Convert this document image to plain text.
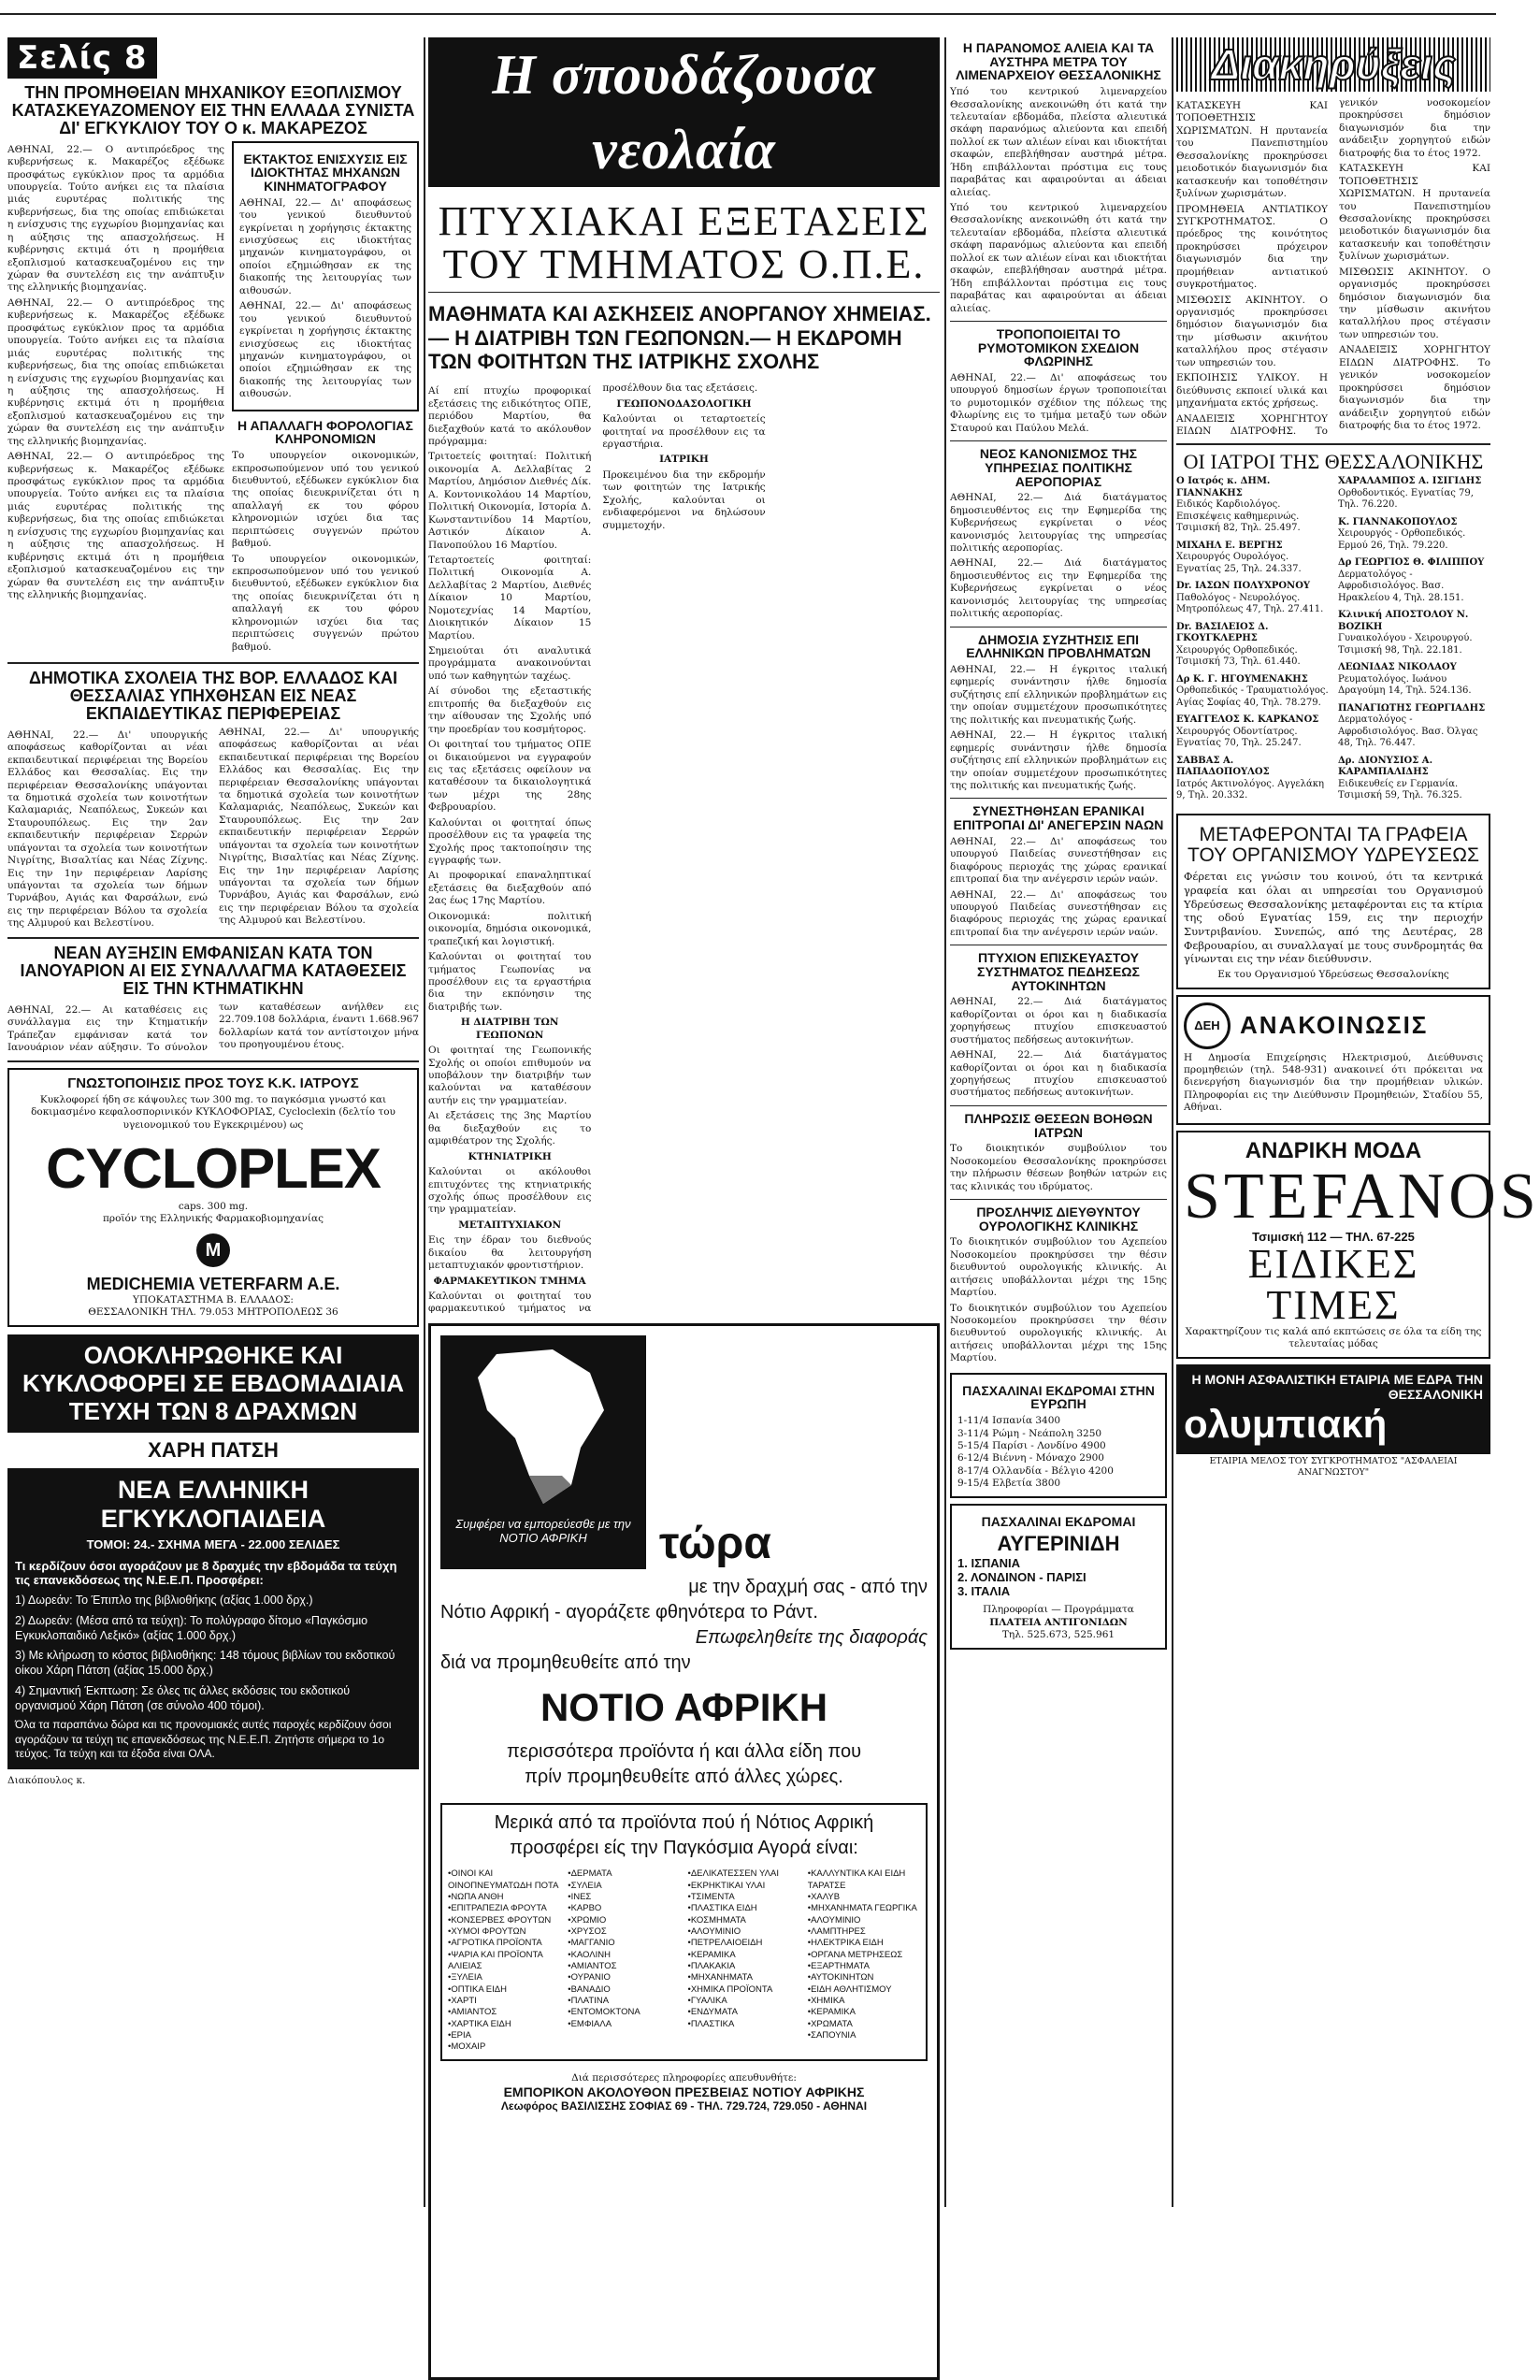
Σελίς 8
ΤΗΝ ΠΡΟΜΗΘΕΙΑΝ ΜΗΧΑΝΙΚΟΥ ΕΞΟΠΛΙΣΜΟΥ ΚΑΤΑΣΚΕΥΑΖΟΜΕΝΟΥ ΕΙΣ ΤΗΝ ΕΛΛΑΔΑ ΣΥΝΙΣΤΑ ΔΙ' ΕΓΚΥΚΛΙΟΥ ΤΟΥ Ο κ. ΜΑΚΑΡΕΖΟΣ

ΑΘΗΝΑΙ, 22.— Ο αντιπρόεδρος της κυβερνήσεως κ. Μακαρέζος εξέδωκε προσφάτως εγκύκλιον προς τα αρμόδια υπουργεία. Τούτο ανήκει εις τα πλαίσια μιάς ευρυτέρας πολιτικής της κυβερνήσεως, δια της οποίας επιδιώκεται η ενίσχυσις της εγχωρίου βιομηχανίας και η αύξησις της απασχολήσεως. Η κυβέρνησις εκτιμά ότι η προμήθεια εξοπλισμού κατασκευαζομένου εις την χώραν θα συντελέση εις την ανάπτυξιν της ελληνικής βιομηχανίας.

ΑΘΗΝΑΙ, 22.— Ο αντιπρόεδρος της κυβερνήσεως κ. Μακαρέζος εξέδωκε προσφάτως εγκύκλιον προς τα αρμόδια υπουργεία. Τούτο ανήκει εις τα πλαίσια μιάς ευρυτέρας πολιτικής της κυβερνήσεως, δια της οποίας επιδιώκεται η ενίσχυσις της εγχωρίου βιομηχανίας και η αύξησις της απασχολήσεως. Η κυβέρνησις εκτιμά ότι η προμήθεια εξοπλισμού κατασκευαζομένου εις την χώραν θα συντελέση εις την ανάπτυξιν της ελληνικής βιομηχανίας.

ΑΘΗΝΑΙ, 22.— Ο αντιπρόεδρος της κυβερνήσεως κ. Μακαρέζος εξέδωκε προσφάτως εγκύκλιον προς τα αρμόδια υπουργεία. Τούτο ανήκει εις τα πλαίσια μιάς ευρυτέρας πολιτικής της κυβερνήσεως, δια της οποίας επιδιώκεται η ενίσχυσις της εγχωρίου βιομηχανίας και η αύξησις της απασχολήσεως. Η κυβέρνησις εκτιμά ότι η προμήθεια εξοπλισμού κατασκευαζομένου εις την χώραν θα συντελέση εις την ανάπτυξιν της ελληνικής βιομηχανίας.

ΕΚΤΑΚΤΟΣ ΕΝΙΣΧΥΣΙΣ ΕΙΣ ΙΔΙΟΚΤΗΤΑΣ ΜΗΧΑΝΩΝ ΚΙΝΗΜΑΤΟΓΡΑΦΟΥ

ΑΘΗΝΑΙ, 22.— Δι' αποφάσεως του γενικού διευθυντού εγκρίνεται η χορήγησις έκτακτης ενισχύσεως εις ιδιοκτήτας μηχανών κινηματογράφου, οι οποίοι εζημιώθησαν εκ της διακοπής της λειτουργίας των αιθουσών.

ΑΘΗΝΑΙ, 22.— Δι' αποφάσεως του γενικού διευθυντού εγκρίνεται η χορήγησις έκτακτης ενισχύσεως εις ιδιοκτήτας μηχανών κινηματογράφου, οι οποίοι εζημιώθησαν εκ της διακοπής της λειτουργίας των αιθουσών.

Η ΑΠΑΛΛΑΓΗ ΦΟΡΟΛΟΓΙΑΣ ΚΛΗΡΟΝΟΜΙΩΝ

Το υπουργείον οικονομικών, εκπροσωπούμενον υπό του γενικού διευθυντού, εξέδωκεν εγκύκλιον δια της οποίας διευκρινίζεται ότι η απαλλαγή εκ του φόρου κληρονομιών ισχύει δια τας περιπτώσεις συγγενών πρώτου βαθμού.

Το υπουργείον οικονομικών, εκπροσωπούμενον υπό του γενικού διευθυντού, εξέδωκεν εγκύκλιον δια της οποίας διευκρινίζεται ότι η απαλλαγή εκ του φόρου κληρονομιών ισχύει δια τας περιπτώσεις συγγενών πρώτου βαθμού.

ΔΗΜΟΤΙΚΑ ΣΧΟΛΕΙΑ ΤΗΣ ΒΟΡ. ΕΛΛΑΔΟΣ ΚΑΙ ΘΕΣΣΑΛΙΑΣ ΥΠΗΧΘΗΣΑΝ ΕΙΣ ΝΕΑΣ ΕΚΠΑΙΔΕΥΤΙΚΑΣ ΠΕΡΙΦΕΡΕΙΑΣ

ΑΘΗΝΑΙ, 22.— Δι' υπουργικής αποφάσεως καθορίζονται αι νέαι εκπαιδευτικαί περιφέρειαι της Βορείου Ελλάδος και Θεσσαλίας. Εις την περιφέρειαν Θεσσαλονίκης υπάγονται τα δημοτικά σχολεία των κοινοτήτων Καλαμαριάς, Νεαπόλεως, Συκεών και Σταυρουπόλεως. Εις την 2αν εκπαιδευτικήν περιφέρειαν Σερρών υπάγονται τα σχολεία των κοινοτήτων Νιγρίτης, Βισαλτίας και Νέας Ζίχνης. Εις την 1ην περιφέρειαν Λαρίσης υπάγονται τα σχολεία των δήμων Τυρνάβου, Αγιάς και Φαρσάλων, ενώ εις την περιφέρειαν Βόλου τα σχολεία της Αλμυρού και Βελεστίνου.

ΑΘΗΝΑΙ, 22.— Δι' υπουργικής αποφάσεως καθορίζονται αι νέαι εκπαιδευτικαί περιφέρειαι της Βορείου Ελλάδος και Θεσσαλίας. Εις την περιφέρειαν Θεσσαλονίκης υπάγονται τα δημοτικά σχολεία των κοινοτήτων Καλαμαριάς, Νεαπόλεως, Συκεών και Σταυρουπόλεως. Εις την 2αν εκπαιδευτικήν περιφέρειαν Σερρών υπάγονται τα σχολεία των κοινοτήτων Νιγρίτης, Βισαλτίας και Νέας Ζίχνης. Εις την 1ην περιφέρειαν Λαρίσης υπάγονται τα σχολεία των δήμων Τυρνάβου, Αγιάς και Φαρσάλων, ενώ εις την περιφέρειαν Βόλου τα σχολεία της Αλμυρού και Βελεστίνου.

ΝΕΑΝ ΑΥΞΗΣΙΝ ΕΜΦΑΝΙΣΑΝ ΚΑΤΑ ΤΟΝ ΙΑΝΟΥΑΡΙΟΝ ΑΙ ΕΙΣ ΣΥΝΑΛΛΑΓΜΑ ΚΑΤΑΘΕΣΕΙΣ ΕΙΣ ΤΗΝ ΚΤΗΜΑΤΙΚΗΝ

ΑΘΗΝΑΙ, 22.— Αι καταθέσεις εις συνάλλαγμα εις την Κτηματικήν Τράπεζαν εμφάνισαν κατά τον Ιανουάριον νέαν αύξησιν. Το σύνολον των καταθέσεων ανήλθεν εις 22.709.108 δολλάρια, έναντι 1.668.967 δολλαρίων κατά τον αντίστοιχον μήνα του προηγουμένου έτους.

ΓΝΩΣΤΟΠΟΙΗΣΙΣ ΠΡΟΣ ΤΟΥΣ Κ.Κ. ΙΑΤΡΟΥΣ

Κυκλοφορεί ήδη σε κάψουλες των 300 mg. το παγκόσμια γνωστό και δοκιμασμένο κεφαλοσπορινικόν ΚΥΚΛΟΦΟΡΙΑΣ, Cycloclexin (δελτίο του υγειονομικού του Εγκεκριμένου) ως

CYCLOPLEX
caps. 300 mg.
προϊόν της Ελληνικής Φαρμακοβιομηχανίας
M
MEDICHEMIA VETERFARM A.E.
ΥΠΟΚΑΤΑΣΤΗΜΑ Β. ΕΛΛΑΔΟΣ:
ΘΕΣΣΑΛΟΝΙΚΗ ΤΗΛ. 79.053 ΜΗΤΡΟΠΟΛΕΩΣ 36
ΟΛΟΚΛΗΡΩΘΗΚΕ ΚΑΙ ΚΥΚΛΟΦΟΡΕΙ ΣΕ ΕΒΔΟΜΑΔΙΑΙΑ ΤΕΥΧΗ ΤΩΝ 8 ΔΡΑΧΜΩΝ
ΧΑΡΗ ΠΑΤΣΗ
ΝΕΑ ΕΛΛΗΝΙΚΗ ΕΓΚΥΚΛΟΠΑΙΔΕΙΑ
ΤΟΜΟΙ: 24.- ΣΧΗΜΑ ΜΕΓΑ - 22.000 ΣΕΛΙΔΕΣ
Τι κερδίζουν όσοι αγοράζουν με 8 δραχμές την εβδομάδα τα τεύχη τις επανεκδόσεως της Ν.Ε.Ε.Π. Προσφέρει:
1) Δωρεάν: Το Έπιπλο της βιβλιοθήκης (αξίας 1.000 δρχ.)
2) Δωρεάν: (Μέσα από τα τεύχη): Το πολύγραφο δίτομο «Παγκόσμιο Εγκυκλοπαιδικό Λεξικό» (αξίας 1.000 δρχ.)
3) Με κλήρωση το κόστος βιβλιοθήκης: 148 τόμους βιβλίων του εκδοτικού οίκου Χάρη Πάτση (αξίας 15.000 δρχ.)
4) Σημαντική Έκπτωση: Σε όλες τις άλλες εκδόσεις του εκδοτικού οργανισμού Χάρη Πάτση (σε σύνολο 400 τόμοι).
Όλα τα παραπάνω δώρα και τις προνομιακές αυτές παροχές κερδίζουν όσοι αγοράζουν τα τεύχη τις επανεκδόσεως της Ν.Ε.Ε.Π. Ζητήστε σήμερα το 1ο τεύχος. Τα τεύχη και τα έξοδα είναι ΟΛΑ.
Διακόπουλος κ.
Η σπουδάζουσα νεολαία
ΠΤΥΧΙΑΚΑΙ ΕΞΕΤΑΣΕΙΣ ΤΟΥ ΤΜΗΜΑΤΟΣ Ο.Π.Ε.
ΜΑΘΗΜΑΤΑ ΚΑΙ ΑΣΚΗΣΕΙΣ ΑΝΟΡΓΑΝΟΥ ΧΗΜΕΙΑΣ.— Η ΔΙΑΤΡΙΒΗ ΤΩΝ ΓΕΩΠΟΝΩΝ.— Η ΕΚΔΡΟΜΗ ΤΩΝ ΦΟΙΤΗΤΩΝ ΤΗΣ ΙΑΤΡΙΚΗΣ ΣΧΟΛΗΣ

Αί επί πτυχίω προφορικαί εξετάσεις της ειδικότητος ΟΠΕ, περιόδου Μαρτίου, θα διεξαχθούν κατά το ακόλουθον πρόγραμμα:

Τριτοετείς φοιτηταί: Πολιτική οικονομία Α. Δελλαβίτας 2 Μαρτίου, Δημόσιον Διεθνές Δίκ. Α. Κοντονικολάου 14 Μαρτίου, Πολιτική Οικονομία, Ιστορία Δ. Κωνσταντινίδου 14 Μαρτίου, Αστικόν Δίκαιον Α. Πανοπούλου 16 Μαρτίου.

Τεταρτοετείς φοιτηταί: Πολιτική Οικονομία Α. Δελλαβίτας 2 Μαρτίου, Διεθνές Δίκαιον 10 Μαρτίου, Νομοτεχνίας 14 Μαρτίου, Διοικητικόν Δίκαιον 15 Μαρτίου.

Σημειούται ότι αναλυτικά προγράμματα ανακοινούνται υπό των καθηγητών ταχέως.

Αί σύνοδοι της εξεταστικής επιτροπής θα διεξαχθούν εις την αίθουσαν της Σχολής υπό την προεδρίαν του κοσμήτορος.

Οι φοιτηταί του τμήματος ΟΠΕ οι δικαιούμενοι να εγγραφούν εις τας εξετάσεις οφείλουν να καταθέσουν τα δικαιολογητικά των μέχρι της 28ης Φεβρουαρίου.

Καλούνται οι φοιτηταί όπως προσέλθουν εις τα γραφεία της Σχολής προς τακτοποίησιν της εγγραφής των.

Αι προφορικαί επαναληπτικαί εξετάσεις θα διεξαχθούν από 2ας έως 17ης Μαρτίου.

Οικονομικά: πολιτική οικονομία, δημόσια οικονομικά, τραπεζική και λογιστική.

Καλούνται οι φοιτηταί του τμήματος Γεωπονίας να προσέλθουν εις τα εργαστήρια δια την εκπόνησιν της διατριβής των.

Η ΔΙΑΤΡΙΒΗ ΤΩΝ ΓΕΩΠΟΝΩΝ

Οι φοιτηταί της Γεωπονικής Σχολής οι οποίοι επιθυμούν να υποβάλουν την διατριβήν των καλούνται να καταθέσουν αυτήν εις την γραμματείαν.

Αι εξετάσεις της 3ης Μαρτίου θα διεξαχθούν εις το αμφιθέατρον της Σχολής.

ΚΤΗΝΙΑΤΡΙΚΗ

Καλούνται οι ακόλουθοι επιτυχόντες της κτηνιατρικής σχολής όπως προσέλθουν εις την γραμματείαν.

ΜΕΤΑΠΤΥΧΙΑΚΟΝ

Εις την έδραν του διεθνούς δικαίου θα λειτουργήση μεταπτυχιακόν φροντιστήριον.

ΦΑΡΜΑΚΕΥΤΙΚΟΝ ΤΜΗΜΑ

Καλούνται οι φοιτηταί του φαρμακευτικού τμήματος να προσέλθουν δια τας εξετάσεις.

ΓΕΩΠΟΝΟΔΑΣΟΛΟΓΙΚΗ

Καλούνται οι τεταρτοετείς φοιτηταί να προσέλθουν εις τα εργαστήρια.

ΙΑΤΡΙΚΗ

Προκειμένου δια την εκδρομήν των φοιτητών της Ιατρικής Σχολής, καλούνται οι ενδιαφερόμενοι να δηλώσουν συμμετοχήν.

Συμφέρει να εμπορεύεσθε με την ΝΟΤΙΟ ΑΦΡΙΚΗ	τώρα
με την δραχμή σας - από την
Νότιο Αφρική - αγοράζετε φθηνότερα το Ράντ.
Επωφεληθείτε της διαφοράς
διά να προμηθευθείτε από την
ΝΟΤΙΟ ΑΦΡΙΚΗ
περισσότερα προϊόντα ή και άλλα είδη που
πρίν προμηθευθείτε από άλλες χώρες.
Μερικά από τα προϊόντα πού ή Νότιος Αφρική προσφέρει είς την Παγκόσμια Αγορά είναι:
•ΟΙΝΟΙ ΚΑΙ ΟΙΝΟΠΝΕΥΜΑΤΩΔΗ ΠΟΤΑ
•ΝΩΠΑ ΑΝΘΗ
•ΕΠΙΤΡΑΠΕΖΙΑ ΦΡΟΥΤΑ
•ΚΟΝΣΕΡΒΕΣ ΦΡΟΥΤΩΝ
•ΧΥΜΟΙ ΦΡΟΥΤΩΝ
•ΑΓΡΟΤΙΚΑ ΠΡΟΪΟΝΤΑ
•ΨΑΡΙΑ ΚΑΙ ΠΡΟΪΟΝΤΑ ΑΛΙΕΙΑΣ
•ΞΥΛΕΙΑ
•ΟΠΤΙΚΑ ΕΙΔΗ
•ΧΑΡΤΙ
•ΑΜΙΑΝΤΟΣ
•ΧΑΡΤΙΚΑ ΕΙΔΗ
•ΕΡΙΑ
•ΜΟΧΑΙΡ
•ΔΕΡΜΑΤΑ
•ΣΥΛΕΙΑ
•ΙΝΕΣ
•ΚΑΡΒΟ
•ΧΡΩΜΙΟ
•ΧΡΥΣΟΣ
•ΜΑΓΓΑΝΙΟ
•ΚΑΟΛΙΝΗ
•ΑΜΙΑΝΤΟΣ
•ΟΥΡΑΝΙΟ
•ΒΑΝΑΔΙΟ
•ΠΛΑΤΙΝΑ
•ΕΝΤΟΜΟΚΤΟΝΑ
•ΕΜΦΙΑΛΑ
•ΔΕΛΙΚΑΤΕΣΣΕΝ ΥΛΑΙ
•ΕΚΡΗΚΤΙΚΑΙ ΥΛΑΙ
•ΤΣΙΜΕΝΤΑ
•ΠΛΑΣΤΙΚΑ ΕΙΔΗ
•ΚΟΣΜΗΜΑΤΑ
•ΑΛΟΥΜΙΝΙΟ
•ΠΕΤΡΕΛΑΙΟΕΙΔΗ
•ΚΕΡΑΜΙΚΑ
•ΠΛΑΚΑΚΙΑ
•ΜΗΧΑΝΗΜΑΤΑ
•ΧΗΜΙΚΑ ΠΡΟΪΟΝΤΑ
•ΓΥΑΛΙΚΑ
•ΕΝΔΥΜΑΤΑ
•ΠΛΑΣΤΙΚΑ
•ΚΑΛΛΥΝΤΙΚΑ ΚΑΙ ΕΙΔΗ ΤΑΡΑΤΣΕ
•ΧΑΛΥΒ
•ΜΗΧΑΝΗΜΑΤΑ ΓΕΩΡΓΙΚΑ
•ΑΛΟΥΜΙΝΙΟ
•ΛΑΜΠΤΗΡΕΣ
•ΗΛΕΚΤΡΙΚΑ ΕΙΔΗ
•ΟΡΓΑΝΑ ΜΕΤΡΗΣΕΩΣ
•ΕΞΑΡΤΗΜΑΤΑ
•ΑΥΤΟΚΙΝΗΤΩΝ
•ΕΙΔΗ ΑΘΛΗΤΙΣΜΟΥ
•ΧΗΜΙΚΑ
•ΚΕΡΑΜΙΚΑ
•ΧΡΩΜΑΤΑ
•ΣΑΠΟΥΝΙΑ
Διά περισσότερες πληροφορίες απευθυνθήτε:
ΕΜΠΟΡΙΚΟΝ ΑΚΟΛΟΥΘΟΝ ΠΡΕΣΒΕΙΑΣ ΝΟΤΙΟΥ ΑΦΡΙΚΗΣ
Λεωφόρος ΒΑΣΙΛΙΣΣΗΣ ΣΟΦΙΑΣ 69 - ΤΗΛ. 729.724, 729.050 - ΑΘΗΝΑΙ
Η ΠΑΡΑΝΟΜΟΣ ΑΛΙΕΙΑ ΚΑΙ ΤΑ ΑΥΣΤΗΡΑ ΜΕΤΡΑ ΤΟΥ ΛΙΜΕΝΑΡΧΕΙΟΥ ΘΕΣΣΑΛΟΝΙΚΗΣ

Υπό του κεντρικού λιμεναρχείου Θεσσαλονίκης ανεκοινώθη ότι κατά την τελευταίαν εβδομάδα, πλείστα αλιευτικά σκάφη παρανόμως αλιεύοντα και επειδή πολλοί εκ των αλιέων είναι και ιδιοκτήται σκαφών, επεβλήθησαν αυστηρά μέτρα. Ήδη επιβάλλονται πρόστιμα εις τους παραβάτας και αφαιρούνται αι άδειαι αλιείας.

Υπό του κεντρικού λιμεναρχείου Θεσσαλονίκης ανεκοινώθη ότι κατά την τελευταίαν εβδομάδα, πλείστα αλιευτικά σκάφη παρανόμως αλιεύοντα και επειδή πολλοί εκ των αλιέων είναι και ιδιοκτήται σκαφών, επεβλήθησαν αυστηρά μέτρα. Ήδη επιβάλλονται πρόστιμα εις τους παραβάτας και αφαιρούνται αι άδειαι αλιείας.

ΤΡΟΠΟΠΟΙΕΙΤΑΙ ΤΟ ΡΥΜΟΤΟΜΙΚΟΝ ΣΧΕΔΙΟΝ ΦΛΩΡΙΝΗΣ

ΑΘΗΝΑΙ, 22.— Δι' αποφάσεως του υπουργού δημοσίων έργων τροποποιείται το ρυμοτομικόν σχέδιον της πόλεως της Φλωρίνης εις το τμήμα μεταξύ των οδών Σταυρού και Παύλου Μελά.

ΝΕΟΣ ΚΑΝΟΝΙΣΜΟΣ ΤΗΣ ΥΠΗΡΕΣΙΑΣ ΠΟΛΙΤΙΚΗΣ ΑΕΡΟΠΟΡΙΑΣ

ΑΘΗΝΑΙ, 22.— Διά διατάγματος δημοσιευθέντος εις την Εφημερίδα της Κυβερνήσεως εγκρίνεται ο νέος κανονισμός λειτουργίας της υπηρεσίας πολιτικής αεροπορίας.

ΑΘΗΝΑΙ, 22.— Διά διατάγματος δημοσιευθέντος εις την Εφημερίδα της Κυβερνήσεως εγκρίνεται ο νέος κανονισμός λειτουργίας της υπηρεσίας πολιτικής αεροπορίας.

ΔΗΜΟΣΙΑ ΣΥΖΗΤΗΣΙΣ ΕΠΙ ΕΛΛΗΝΙΚΩΝ ΠΡΟΒΛΗΜΑΤΩΝ

ΑΘΗΝΑΙ, 22.— Η έγκριτος ιταλική εφημερίς συνάντησιν ήλθε δημοσία συζήτησις επί ελληνικών προβλημάτων εις την οποίαν συμμετέχουν προσωπικότητες της πολιτικής και πνευματικής ζωής.

ΑΘΗΝΑΙ, 22.— Η έγκριτος ιταλική εφημερίς συνάντησιν ήλθε δημοσία συζήτησις επί ελληνικών προβλημάτων εις την οποίαν συμμετέχουν προσωπικότητες της πολιτικής και πνευματικής ζωής.

ΣΥΝΕΣΤΗΘΗΣΑΝ ΕΡΑΝΙΚΑΙ ΕΠΙΤΡΟΠΑΙ ΔΙ' ΑΝΕΓΕΡΣΙΝ ΝΑΩΝ

ΑΘΗΝΑΙ, 22.— Δι' αποφάσεως του υπουργού Παιδείας συνεστήθησαν εις διαφόρους περιοχάς της χώρας ερανικαί επιτροπαί δια την ανέγερσιν ιερών ναών.

ΑΘΗΝΑΙ, 22.— Δι' αποφάσεως του υπουργού Παιδείας συνεστήθησαν εις διαφόρους περιοχάς της χώρας ερανικαί επιτροπαί δια την ανέγερσιν ιερών ναών.

ΠΤΥΧΙΟΝ ΕΠΙΣΚΕΥΑΣΤΟΥ ΣΥΣΤΗΜΑΤΟΣ ΠΕΔΗΣΕΩΣ ΑΥΤΟΚΙΝΗΤΩΝ

ΑΘΗΝΑΙ, 22.— Διά διατάγματος καθορίζονται οι όροι και η διαδικασία χορηγήσεως πτυχίου επισκευαστού συστήματος πεδήσεως αυτοκινήτων.

ΑΘΗΝΑΙ, 22.— Διά διατάγματος καθορίζονται οι όροι και η διαδικασία χορηγήσεως πτυχίου επισκευαστού συστήματος πεδήσεως αυτοκινήτων.

ΠΛΗΡΩΣΙΣ ΘΕΣΕΩΝ ΒΟΗΘΩΝ ΙΑΤΡΩΝ

Το διοικητικόν συμβούλιον του Νοσοκομείου Θεσσαλονίκης προκηρύσσει την πλήρωσιν θέσεων βοηθών ιατρών εις τας κλινικάς του ιδρύματος.

ΠΡΟΣΛΗΨΙΣ ΔΙΕΥΘΥΝΤΟΥ ΟΥΡΟΛΟΓΙΚΗΣ ΚΛΙΝΙΚΗΣ

Το διοικητικόν συμβούλιον του Αχεπείου Νοσοκομείου προκηρύσσει την θέσιν διευθυντού ουρολογικής κλινικής. Αι αιτήσεις υποβάλλονται μέχρι της 15ης Μαρτίου.

Το διοικητικόν συμβούλιον του Αχεπείου Νοσοκομείου προκηρύσσει την θέσιν διευθυντού ουρολογικής κλινικής. Αι αιτήσεις υποβάλλονται μέχρι της 15ης Μαρτίου.

ΠΑΣΧΑΛΙΝΑΙ ΕΚΔΡΟΜΑΙ ΣΤΗΝ ΕΥΡΩΠΗ
1-11/4 Ισπανία 3400
3-11/4 Ρώμη - Νεάπολη 3250
5-15/4 Παρίσι - Λονδίνο 4900
6-12/4 Βιέννη - Μόναχο 2900
8-17/4 Ολλανδία - Βέλγιο 4200
9-15/4 Ελβετία 3800
ΠΑΣΧΑΛΙΝΑΙ ΕΚΔΡΟΜΑΙ
ΑΥΓΕΡΙΝΙΔΗ
1. ΙΣΠΑΝΙΑ
2. ΛΟΝΔΙΝΟΝ - ΠΑΡΙΣΙ
3. ΙΤΑΛΙΑ
Πληροφορίαι — Προγράμματα
ΠΛΑΤΕΙΑ ΑΝΤΙΓΟΝΙΔΩΝ
Τηλ. 525.673, 525.961
Διακηρύξεις

ΚΑΤΑΣΚΕΥΗ ΚΑΙ ΤΟΠΟΘΕΤΗΣΙΣ ΧΩΡΙΣΜΑΤΩΝ. Η πρυτανεία του Πανεπιστημίου Θεσσαλονίκης προκηρύσσει μειοδοτικόν διαγωνισμόν δια κατασκευήν και τοποθέτησιν ξυλίνων χωρισμάτων.

ΠΡΟΜΗΘΕΙΑ ΑΝΤΙΑΤΙΚΟΥ ΣΥΓΚΡΟΤΗΜΑΤΟΣ. Ο πρόεδρος της κοινότητος προκηρύσσει πρόχειρον διαγωνισμόν δια την προμήθειαν αντιατικού συγκροτήματος.

ΜΙΣΘΩΣΙΣ ΑΚΙΝΗΤΟΥ. Ο οργανισμός προκηρύσσει δημόσιον διαγωνισμόν δια την μίσθωσιν ακινήτου καταλλήλου προς στέγασιν των υπηρεσιών του.

ΕΚΠΟΙΗΣΙΣ ΥΛΙΚΟΥ. Η διεύθυνσις εκποιεί υλικά και μηχανήματα εκτός χρήσεως.

ΑΝΑΔΕΙΞΙΣ ΧΟΡΗΓΗΤΟΥ ΕΙΔΩΝ ΔΙΑΤΡΟΦΗΣ. Το γενικόν νοσοκομείον προκηρύσσει δημόσιον διαγωνισμόν δια την ανάδειξιν χορηγητού ειδών διατροφής δια το έτος 1972.

ΚΑΤΑΣΚΕΥΗ ΚΑΙ ΤΟΠΟΘΕΤΗΣΙΣ ΧΩΡΙΣΜΑΤΩΝ. Η πρυτανεία του Πανεπιστημίου Θεσσαλονίκης προκηρύσσει μειοδοτικόν διαγωνισμόν δια κατασκευήν και τοποθέτησιν ξυλίνων χωρισμάτων.

ΜΙΣΘΩΣΙΣ ΑΚΙΝΗΤΟΥ. Ο οργανισμός προκηρύσσει δημόσιον διαγωνισμόν δια την μίσθωσιν ακινήτου καταλλήλου προς στέγασιν των υπηρεσιών του.

ΑΝΑΔΕΙΞΙΣ ΧΟΡΗΓΗΤΟΥ ΕΙΔΩΝ ΔΙΑΤΡΟΦΗΣ. Το γενικόν νοσοκομείον προκηρύσσει δημόσιον διαγωνισμόν δια την ανάδειξιν χορηγητού ειδών διατροφής δια το έτος 1972.

ΟΙ ΙΑΤΡΟΙ ΤΗΣ ΘΕΣΣΑΛΟΝΙΚΗΣ
Ο Ιατρός κ. ΔΗΜ. ΓΙΑΝΝΑΚΗΣ
Ειδικός Καρδιολόγος. Επισκέψεις καθημερινώς. Τσιμισκή 82, Τηλ. 25.497.
ΜΙΧΑΗΛ Ε. ΒΕΡΓΗΣ
Χειρουργός Ουρολόγος. Εγνατίας 25, Τηλ. 24.337.
Dr. ΙΑΣΩΝ ΠΟΛΥΧΡΟΝΟΥ
Παθολόγος - Νευρολόγος. Μητροπόλεως 47, Τηλ. 27.411.
Dr. ΒΑΣΙΛΕΙΟΣ Δ. ΓΚΟΥΓΚΛΕΡΗΣ
Χειρουργός Ορθοπεδικός. Τσιμισκή 73, Τηλ. 61.440.
Δρ Κ. Γ. ΗΓΟΥΜΕΝΑΚΗΣ
Ορθοπεδικός - Τραυματιολόγος. Αγίας Σοφίας 40, Τηλ. 78.279.
ΕΥΑΓΓΕΛΟΣ Κ. ΚΑΡΚΑΝΟΣ
Χειρουργός Οδοντίατρος. Εγνατίας 70, Τηλ. 25.247.
ΣΑΒΒΑΣ Α. ΠΑΠΑΔΟΠΟΥΛΟΣ
Ιατρός Ακτινολόγος. Αγγελάκη 9, Τηλ. 20.332.
ΧΑΡΑΛΑΜΠΟΣ Α. ΙΣΙΓΙΔΗΣ
Ορθοδοντικός. Εγνατίας 79, Τηλ. 76.220.
Κ. ΓΙΑΝΝΑΚΟΠΟΥΛΟΣ
Χειρουργός - Ορθοπεδικός. Ερμού 26, Τηλ. 79.220.
Δρ ΓΕΩΡΓΙΟΣ Θ. ΦΙΛΙΠΠΟΥ
Δερματολόγος - Αφροδισιολόγος. Βασ. Ηρακλείου 4, Τηλ. 28.151.
Κλινική ΑΠΟΣΤΟΛΟΥ Ν. ΒΟΖΙΚΗ
Γυναικολόγου - Χειρουργού. Τσιμισκή 98, Τηλ. 22.181.
ΛΕΩΝΙΔΑΣ ΝΙΚΟΛΑΟΥ
Ρευματολόγος. Ιωάνου Δραγούμη 14, Τηλ. 524.136.
ΠΑΝΑΓΙΩΤΗΣ ΓΕΩΡΓΙΑΔΗΣ
Δερματολόγος - Αφροδισιολόγος. Βασ. Όλγας 48, Τηλ. 76.447.
Δρ. ΔΙΟΝΥΣΙΟΣ Α. ΚΑΡΑΜΠΑΛΙΔΗΣ
Ειδικευθείς εν Γερμανία. Τσιμισκή 59, Τηλ. 76.325.
ΜΕΤΑΦΕΡΟΝΤΑΙ ΤΑ ΓΡΑΦΕΙΑ ΤΟΥ ΟΡΓΑΝΙΣΜΟΥ ΥΔΡΕΥΣΕΩΣ

Φέρεται εις γνώσιν του κοινού, ότι τα κεντρικά γραφεία και όλαι αι υπηρεσίαι του Οργανισμού Υδρεύσεως Θεσσαλονίκης μεταφέρονται εις τα κτίρια της οδού Εγνατίας 159, εις την περιοχήν Συντριβανίου. Συνεπώς, από της Δευτέρας, 28 Φεβρουαρίου, αι συναλλαγαί με τους συνδρομητάς θα γίνωνται εις την νέαν διεύθυνσιν.

Εκ του Οργανισμού Υδρεύσεως Θεσσαλονίκης
ΔΕΗ ΑΝΑΚΟΙΝΩΣΙΣ

Η Δημοσία Επιχείρησις Ηλεκτρισμού, Διεύθυνσις προμηθειών (τηλ. 548-931) ανακοινεί ότι πρόκειται να διενεργήση διαγωνισμόν δια την προμήθειαν υλικών. Πληροφορίαι εις την Διεύθυνσιν Προμηθειών, Σταδίου 55, Αθήναι.

ΑΝΔΡΙΚΗ ΜΟΔΑ
STEFANOS
Τσιμισκή 112 — ΤΗΛ. 67-225
ΕΙΔΙΚΕΣ ΤΙΜΕΣ
Χαρακτηρίζουν τις καλά από εκπτώσεις σε όλα τα είδη της τελευταίας μόδας
Η ΜΟΝΗ ΑΣΦΑΛΙΣΤΙΚΗ ΕΤΑΙΡΙΑ ΜΕ ΕΔΡΑ ΤΗΝ ΘΕΣΣΑΛΟΝΙΚΗ
ολυμπιακή
ΕΤΑΙΡΙΑ ΜΕΛΟΣ ΤΟΥ ΣΥΓΚΡΟΤΗΜΑΤΟΣ "ΑΣΦΑΛΕΙΑΙ ΑΝΑΓΝΩΣΤΟΥ"
